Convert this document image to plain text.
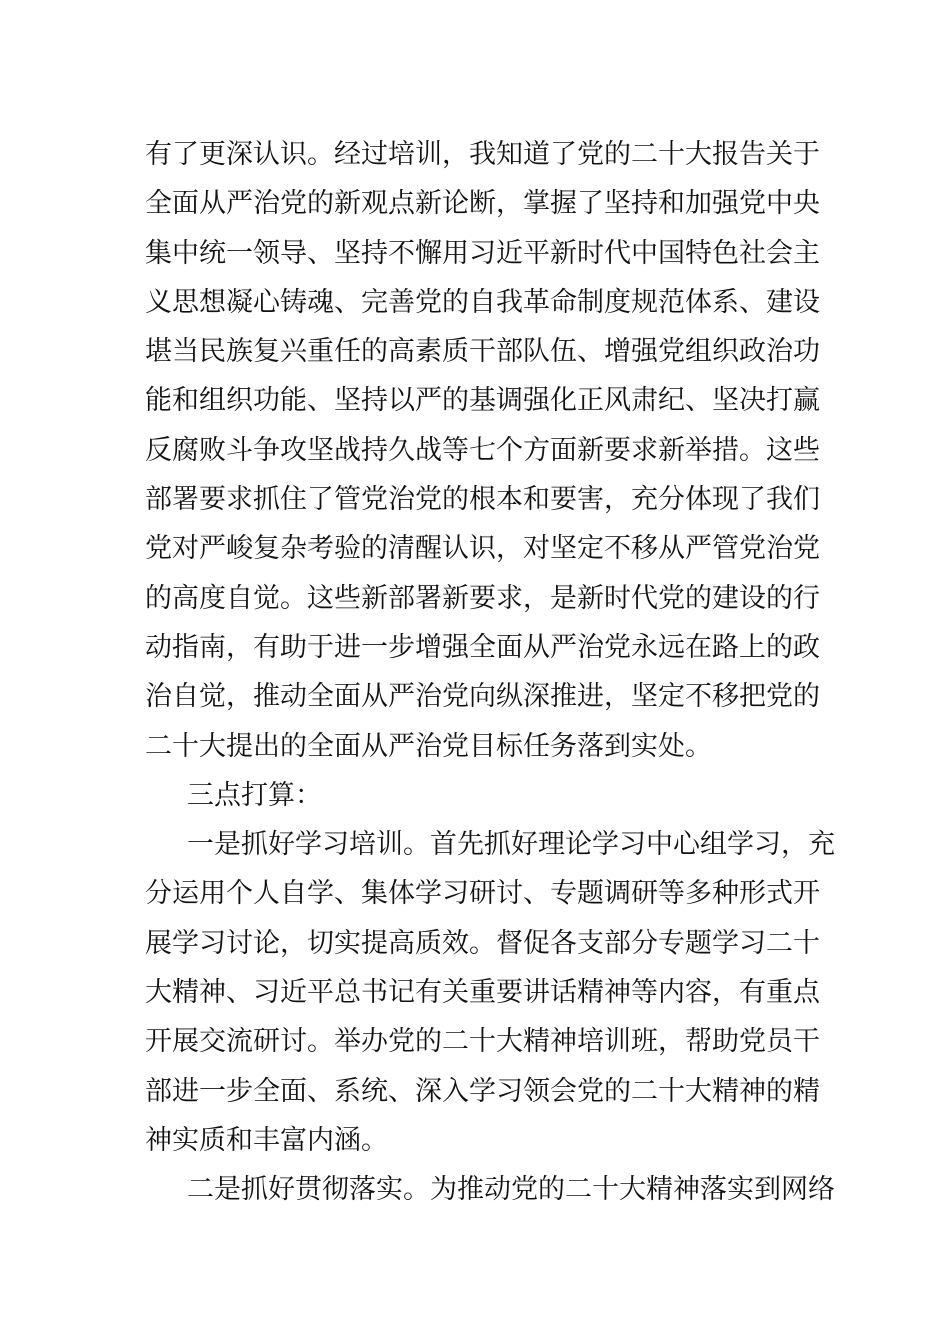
有了更深认识。经过培训，我知道了党的二十大报告关于
全面从严治党的新观点新论断，掌握了坚持和加强党中央
集中统一领导、坚持不懈用习近平新时代中国特色社会主
义思想凝心铸魂、完善党的自我革命制度规范体系、建设
堪当民族复兴重任的高素质干部队伍、增强党组织政治功
能和组织功能、坚持以严的基调强化正风肃纪、坚决打赢
反腐败斗争攻坚战持久战等七个方面新要求新举措。这些
部署要求抓住了管党治党的根本和要害，充分体现了我们
党对严峻复杂考验的清醒认识，对坚定不移从严管党治党
的高度自觉。这些新部署新要求，是新时代党的建设的行
动指南，有助于进一步增强全面从严治党永远在路上的政
治自觉，推动全面从严治党向纵深推进，坚定不移把党的
二十大提出的全面从严治党目标任务落到实处。
三点打算：
一是抓好学习培训。首先抓好理论学习中心组学习，充
分运用个人自学、集体学习研讨、专题调研等多种形式开
展学习讨论，切实提高质效。督促各支部分专题学习二十
大精神、习近平总书记有关重要讲话精神等内容，有重点
开展交流研讨。举办党的二十大精神培训班，帮助党员干
部进一步全面、系统、深入学习领会党的二十大精神的精
神实质和丰富内涵。
二是抓好贯彻落实。为推动党的二十大精神落实到网络
